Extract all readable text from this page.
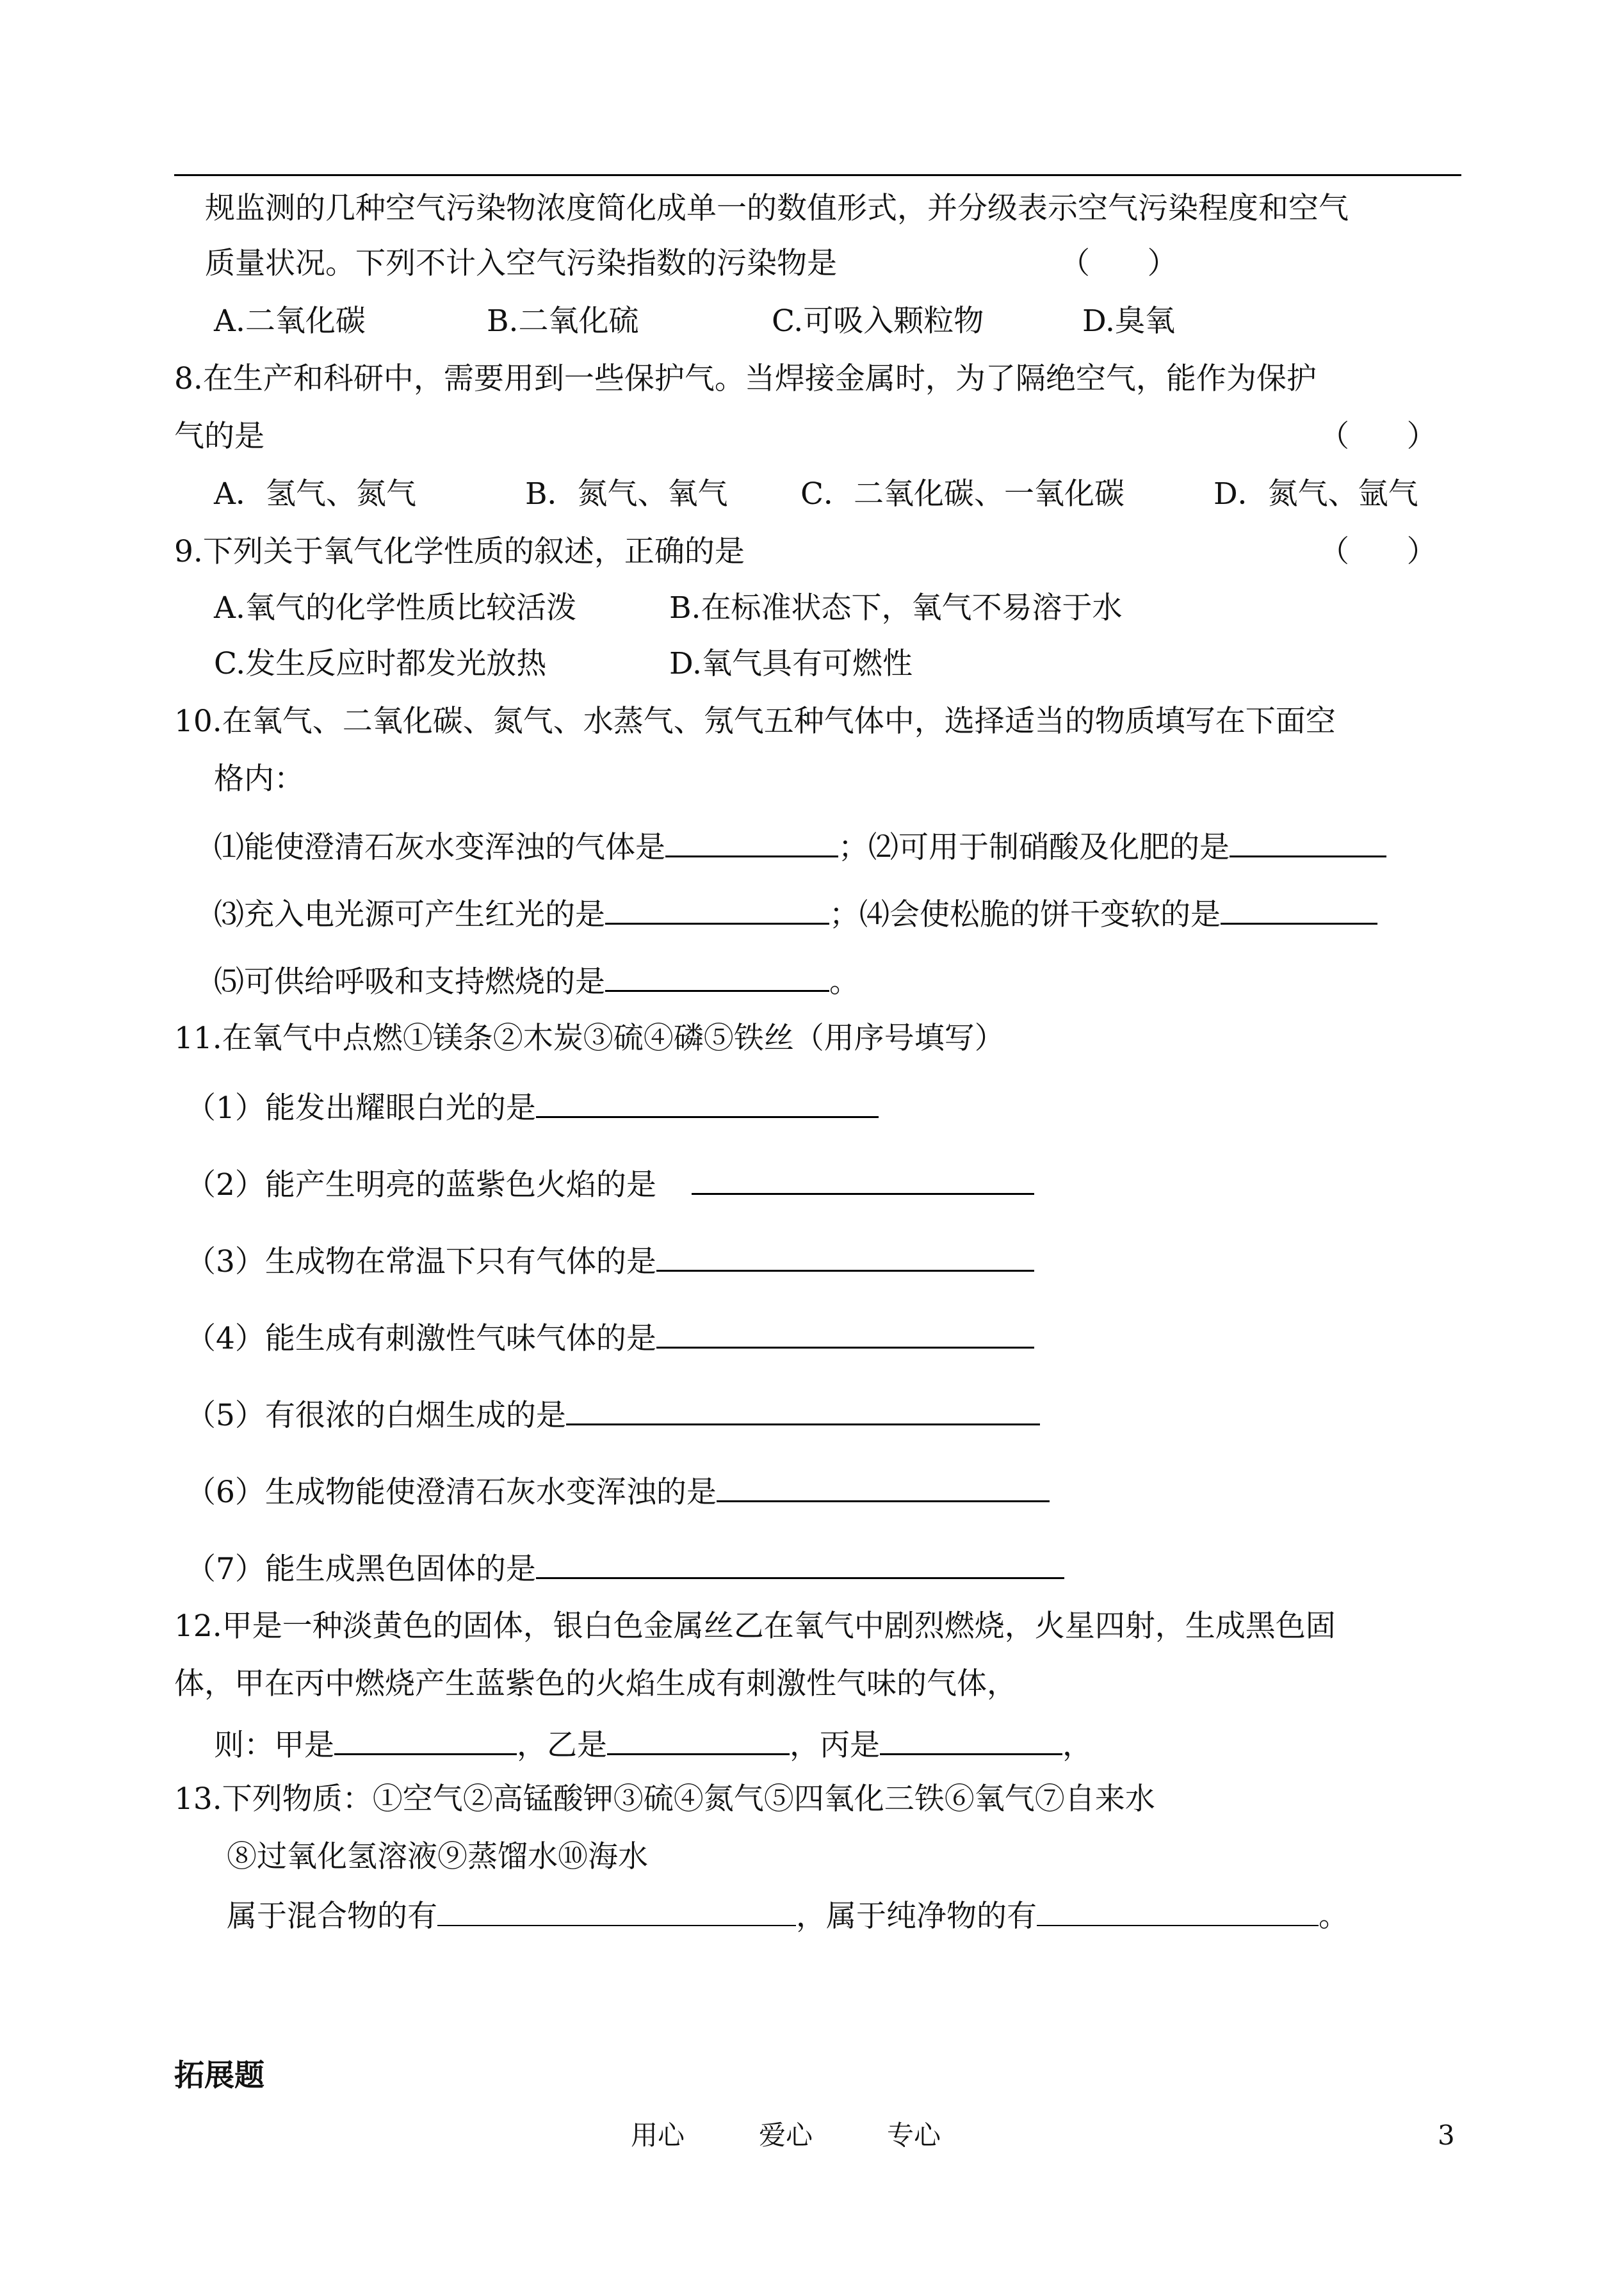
规监测的几种空气污染物浓度简化成单一的数值形式，并分级表示空气污染程度和空气
质量状况。下列不计入空气污染指数的污染物是	（      ）
A.二氧化碳	B.二氧化硫	C.可吸入颗粒物	D.臭氧
8.在生产和科研中，需要用到一些保护气。当焊接金属时，为了隔绝空气，能作为保护
气的是	（      ）
A．氢气、氮气	B．氮气、氧气 C．二氧化碳、一氧化碳	D．氮气、氩气
9.下列关于氧气化学性质的叙述，正确的是	（      ）
A.氧气的化学性质比较活泼	B.在标准状态下，氧气不易溶于水
C.发生反应时都发光放热	D.氧气具有可燃性
10.在氧气、二氧化碳、氮气、水蒸气、氖气五种气体中，选择适当的物质填写在下面空
格内：
⑴能使澄清石灰水变浑浊的气体是	；⑵可用于制硝酸及化肥的是
⑶充入电光源可产生红光的是	；⑷会使松脆的饼干变软的是
⑸可供给呼吸和支持燃烧的是	。
11.在氧气中点燃①镁条②木炭③硫④磷⑤铁丝（用序号填写）
（1）能发出耀眼白光的是
（2）能产生明亮的蓝紫色火焰的是
（3）生成物在常温下只有气体的是
（4）能生成有刺激性气味气体的是
（5）有很浓的白烟生成的是
（6）生成物能使澄清石灰水变浑浊的是
（7）能生成黑色固体的是
12.甲是一种淡黄色的固体，银白色金属丝乙在氧气中剧烈燃烧，火星四射，生成黑色固
体，甲在丙中燃烧产生蓝紫色的火焰生成有刺激性气味的气体，
则：甲是	，乙是	，丙是	，
13.下列物质：①空气②高锰酸钾③硫④氮气⑤四氧化三铁⑥氧气⑦自来水
⑧过氧化氢溶液⑨蒸馏水⑩海水
属于混合物的有	，属于纯净物的有	。
拓展题
用心	爱心	专心	3
